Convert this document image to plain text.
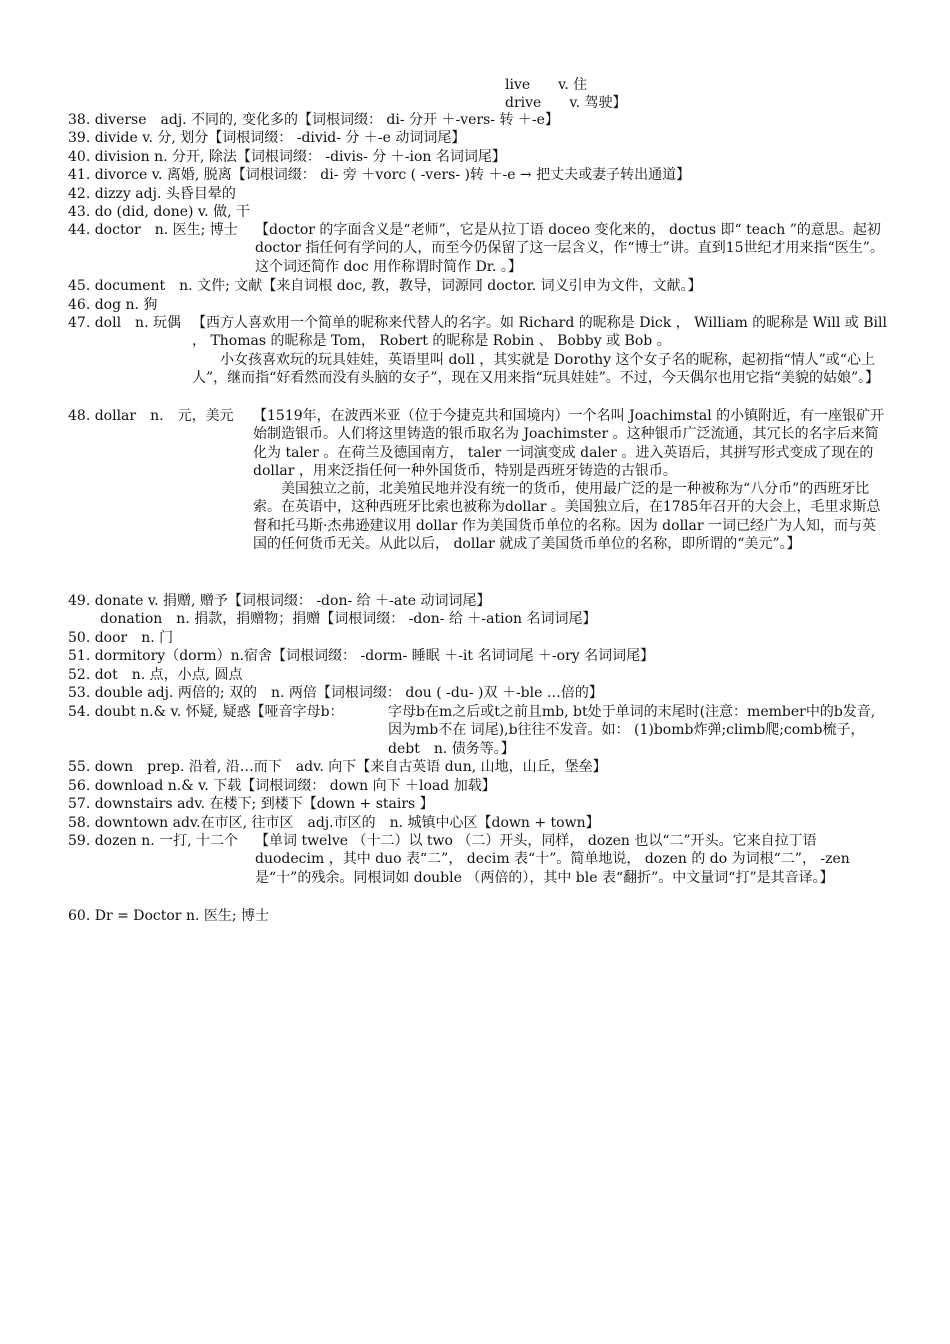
live　　v. 住
drive　　v. 驾驶】
38. diverse　adj. 不同的, 变化多的【词根词缀： di- 分开 ＋-vers- 转 ＋-e】
39. divide v. 分, 划分【词根词缀： -divid- 分 ＋-e 动词词尾】
40. division n. 分开, 除法【词根词缀： -divis- 分 ＋-ion 名词词尾】
41. divorce v. 离婚, 脱离【词根词缀： di- 旁 ＋vorc ( -vers- )转 ＋-e → 把丈夫或妻子转出通道】
42. dizzy adj. 头昏目晕的
43. do (did, done) v. 做, 干
44. doctor　n. 医生; 博士 【doctor 的字面含义是“老师”，它是从拉丁语 doceo 变化来的， doctus 即“ teach ”的意思。起初 doctor 指任何有学问的人，而至今仍保留了这一层含义，作“博士”讲。直到15世纪才用来指“医生”。这个词还简作 doc 用作称谓时简作 Dr. 。】
45. document　n. 文件; 文献【来自词根 doc, 教，教导，词源同 doctor. 词义引申为文件，文献。】
46. dog n. 狗
47. doll　n. 玩偶 【西方人喜欢用一个简单的昵称来代替人的名字。如 Richard 的昵称是 Dick ， William 的昵称是 Will 或 Bill ， Thomas 的昵称是 Tom， Robert 的昵称是 Robin 、 Bobby 或 Bob 。

小女孩喜欢玩的玩具娃娃，英语里叫 doll ，其实就是 Dorothy 这个女子名的昵称，起初指“情人”或“心上人”，继而指“好看然而没有头脑的女子”，现在又用来指“玩具娃娃”。不过，今天偶尔也用它指“美貌的姑娘”。】

48. dollar　n.　元，美元 【1519年，在波西米亚（位于今捷克共和国境内）一个名叫 Joachimstal 的小镇附近，有一座银矿开始制造银币。人们将这里铸造的银币取名为 Joachimster 。这种银币广泛流通，其冗长的名字后来简化为 taler 。在荷兰及德国南方， taler 一词演变成 daler 。进入英语后，其拼写形式变成了现在的 dollar ，用来泛指任何一种外国货币，特别是西班牙铸造的古银币。

美国独立之前，北美殖民地并没有统一的货币，使用最广泛的是一种被称为“八分币”的西班牙比索。在英语中，这种西班牙比索也被称为dollar 。美国独立后，在1785年召开的大会上，毛里求斯总督和托马斯·杰弗逊建议用 dollar 作为美国货币单位的名称。因为 dollar 一词已经广为人知，而与英国的任何货币无关。从此以后， dollar 就成了美国货币单位的名称，即所谓的“美元”。】

49. donate v. 捐赠, 赠予【词根词缀： -don- 给 ＋-ate 动词词尾】
donation　n. 捐款，捐赠物；捐赠【词根词缀： -don- 给 ＋-ation 名词词尾】
50. door　n. 门
51. dormitory（dorm）n.宿舍【词根词缀： -dorm- 睡眠 ＋-it 名词词尾 ＋-ory 名词词尾】
52. dot　n. 点，小点, 圆点
53. double adj. 两倍的; 双的　n. 两倍【词根词缀： dou ( -du- )双 ＋-ble …倍的】
54. doubt n.& v. 怀疑, 疑惑【哑音字母b：	字母b在m之后或t之前且mb, bt处于单词的末尾时(注意：member中的b发音,因为mb不在 词尾),b往往不发音。如： (1)bomb炸弹;climb爬;comb梳子，debt　n. 债务等。】
55. down　prep. 沿着, 沿…而下　adv. 向下【来自古英语 dun, 山地，山丘，堡垒】
56. download n.& v. 下载【词根词缀： down 向下 ＋load 加载】
57. downstairs adv. 在楼下; 到楼下【down + stairs 】
58. downtown adv.在市区, 往市区　adj.市区的　n. 城镇中心区【down + town】
59. dozen n. 一打, 十二个 【单词 twelve （十二）以 two （二）开头，同样， dozen 也以“二”开头。它来自拉丁语 duodecim ，其中 duo 表“二”， decim 表“十”。简单地说， dozen 的 do 为词根“二”， -zen 是“十”的残余。同根词如 double （两倍的），其中 ble 表“翻折”。中文量词“打”是其音译。】
60. Dr = Doctor n. 医生; 博士
